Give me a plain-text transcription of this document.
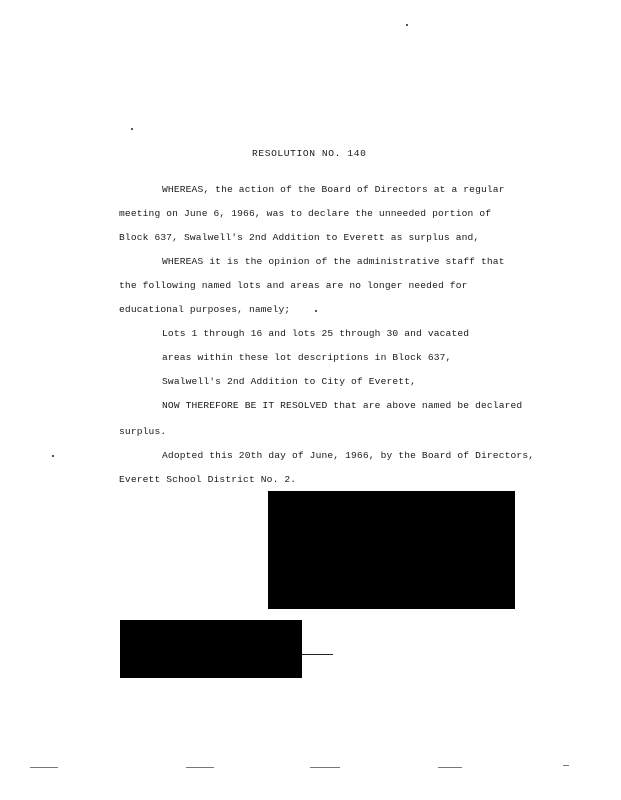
RESOLUTION NO. 140
WHEREAS, the action of the Board of Directors at a regular
meeting on June 6, 1966, was to declare the unneeded portion of
Block 637, Swalwell's 2nd Addition to Everett as surplus and,
WHEREAS it is the opinion of the administrative staff that
the following named lots and areas are no longer needed for
educational purposes, namely;
Lots 1 through 16 and lots 25 through 30 and vacated
areas within these lot descriptions in Block 637,
Swalwell's 2nd Addition to City of Everett,
NOW THEREFORE BE IT RESOLVED that are above named be declared
surplus.
Adopted this 20th day of June, 1966, by the Board of Directors,
Everett School District No. 2.
